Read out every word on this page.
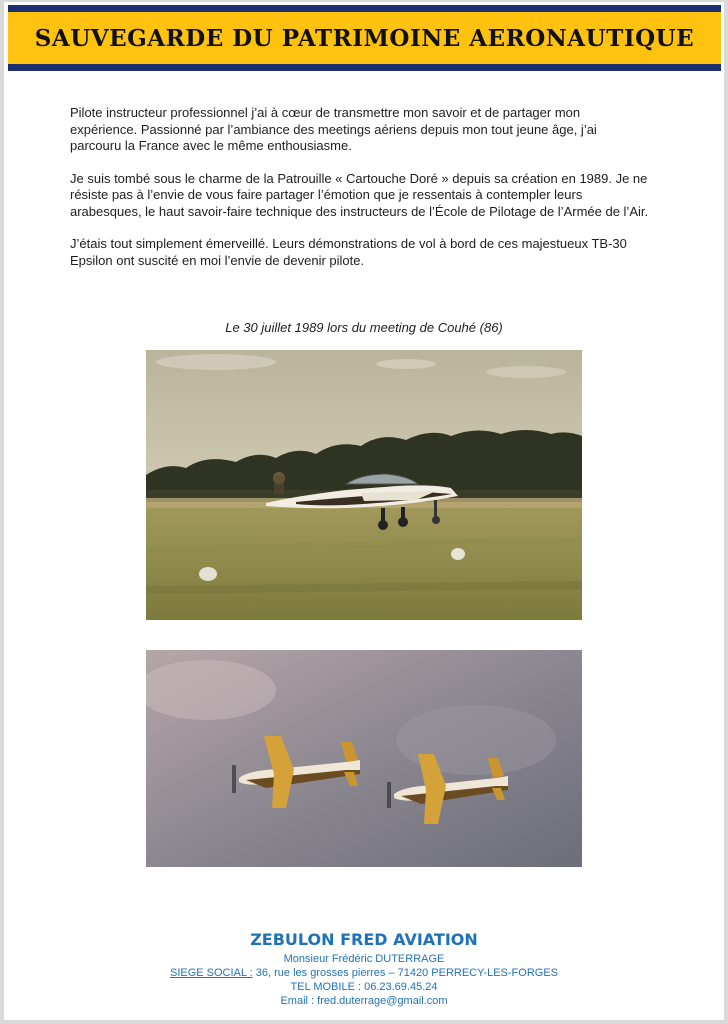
SAUVEGARDE DU PATRIMOINE AERONAUTIQUE

Pilote instructeur professionnel j’ai à cœur de transmettre mon savoir et de partager mon expérience. Passionné par l’ambiance des meetings aériens depuis mon tout jeune âge, j’ai parcouru la France avec le même enthousiasme.

Je suis tombé sous le charme de la Patrouille « Cartouche Doré » depuis sa création en 1989. Je ne résiste pas à l’envie de vous faire partager l’émotion que je ressentais à contempler leurs arabesques, le haut savoir-faire technique des instructeurs de l’École de Pilotage de l’Armée de l’Air.

J’étais tout simplement émerveillé. Leurs démonstrations de vol à bord de ces majestueux TB-30 Epsilon ont suscité en moi l’envie de devenir pilote.

Le 30 juillet 1989 lors du meeting de Couhé (86)
ZEBULON FRED AVIATION
Monsieur Frédéric DUTERRAGE
SIEGE SOCIAL : 36, rue les grosses pierres – 71420 PERRECY-LES-FORGES
TEL MOBILE : 06.23.69.45.24
Email : fred.duterrage@gmail.com
